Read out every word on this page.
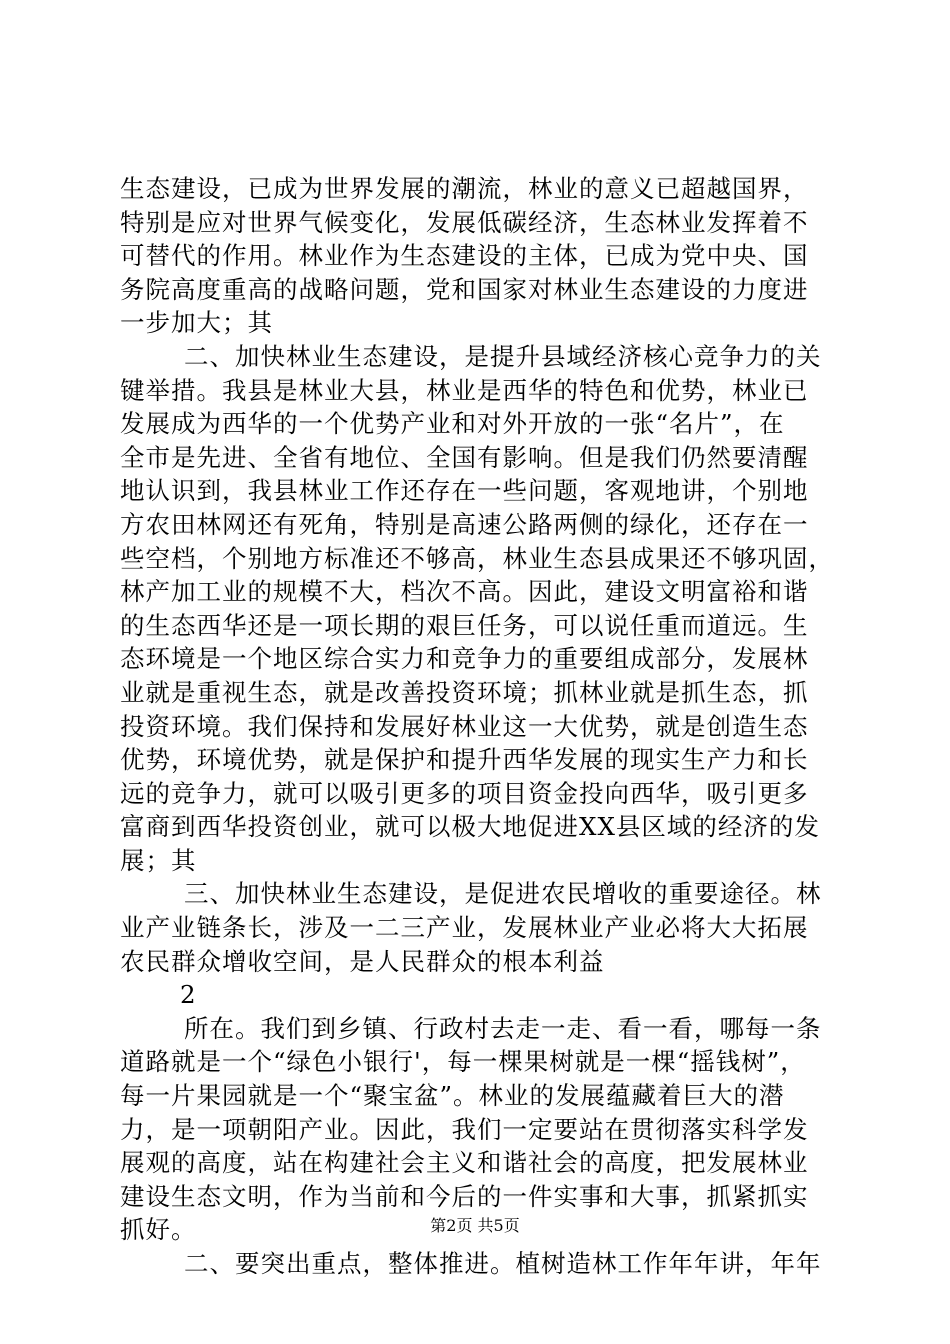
生态建设，已成为世界发展的潮流，林业的意义已超越国界，
特别是应对世界气候变化，发展低碳经济，生态林业发挥着不
可替代的作用。林业作为生态建设的主体，已成为党中央、国
务院高度重高的战略问题，党和国家对林业生态建设的力度进
一步加大；其
二、加快林业生态建设，是提升县域经济核心竞争力的关
键举措。我县是林业大县，林业是西华的特色和优势，林业已
发展成为西华的一个优势产业和对外开放的一张“名片”，在
全市是先进、全省有地位、全国有影响。但是我们仍然要清醒
地认识到，我县林业工作还存在一些问题，客观地讲，个别地
方农田林网还有死角，特别是高速公路两侧的绿化，还存在一
些空档，个别地方标准还不够高，林业生态县成果还不够巩固，
林产加工业的规模不大，档次不高。因此，建设文明富裕和谐
的生态西华还是一项长期的艰巨任务，可以说任重而道远。生
态环境是一个地区综合实力和竞争力的重要组成部分，发展林
业就是重视生态，就是改善投资环境；抓林业就是抓生态，抓
投资环境。我们保持和发展好林业这一大优势，就是创造生态
优势，环境优势，就是保护和提升西华发展的现实生产力和长
远的竞争力，就可以吸引更多的项目资金投向西华，吸引更多
富商到西华投资创业，就可以极大地促进XX县区域的经济的发
展；其
三、加快林业生态建设，是促进农民增收的重要途径。林
业产业链条长，涉及一二三产业，发展林业产业必将大大拓展
农民群众增收空间，是人民群众的根本利益
2
所在。我们到乡镇、行政村去走一走、看一看，哪每一条
道路就是一个“绿色小银行'，每一棵果树就是一棵“摇钱树”，
每一片果园就是一个“聚宝盆”。林业的发展蕴藏着巨大的潜
力，是一项朝阳产业。因此，我们一定要站在贯彻落实科学发
展观的高度，站在构建社会主义和谐社会的高度，把发展林业
建设生态文明，作为当前和今后的一件实事和大事，抓紧抓实
抓好。
二、要突出重点，整体推进。植树造林工作年年讲，年年
第2页 共5页
